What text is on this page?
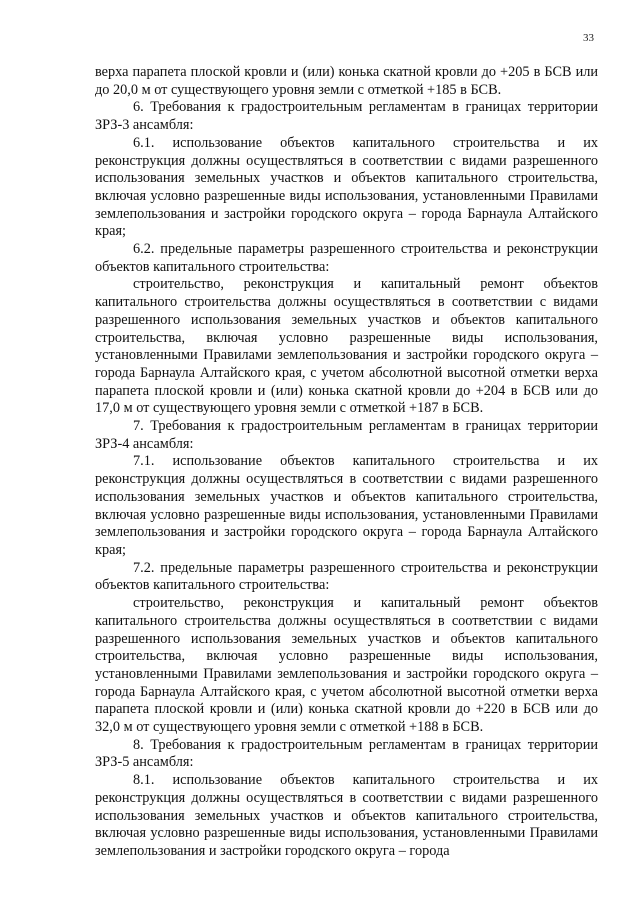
33

верха парапета плоской кровли и (или) конька скатной кровли до +205 в БСВ или до 20,0 м от существующего уровня земли с отметкой +185 в БСВ.

6. Требования к градостроительным регламентам в границах территории ЗРЗ-3 ансамбля:

6.1. использование объектов капитального строительства и их реконструкция должны осуществляться в соответствии с видами разрешенного использования земельных участков и объектов капитального строительства, включая условно разрешенные виды использования, установленными Правилами землепользования и застройки городского округа – города Барнаула Алтайского края;

6.2. предельные параметры разрешенного строительства и реконструкции объектов капитального строительства:

строительство, реконструкция и капитальный ремонт объектов капитального строительства должны осуществляться в соответствии с видами разрешенного использования земельных участков и объектов капитального строительства, включая условно разрешенные виды использования, установленными Правилами землепользования и застройки городского округа – города Барнаула Алтайского края, с учетом абсолютной высотной отметки верха парапета плоской кровли и (или) конька скатной кровли до +204 в БСВ или до 17,0 м от существующего уровня земли с отметкой +187 в БСВ.

7. Требования к градостроительным регламентам в границах территории ЗРЗ-4 ансамбля:

7.1. использование объектов капитального строительства и их реконструкция должны осуществляться в соответствии с видами разрешенного использования земельных участков и объектов капитального строительства, включая условно разрешенные виды использования, установленными Правилами землепользования и застройки городского округа – города Барнаула Алтайского края;

7.2. предельные параметры разрешенного строительства и реконструкции объектов капитального строительства:

строительство, реконструкция и капитальный ремонт объектов капитального строительства должны осуществляться в соответствии с видами разрешенного использования земельных участков и объектов капитального строительства, включая условно разрешенные виды использования, установленными Правилами землепользования и застройки городского округа – города Барнаула Алтайского края, с учетом абсолютной высотной отметки верха парапета плоской кровли и (или) конька скатной кровли до +220 в БСВ или до 32,0 м от существующего уровня земли с отметкой +188 в БСВ.

8. Требования к градостроительным регламентам в границах территории ЗРЗ-5 ансамбля:

8.1. использование объектов капитального строительства и их реконструкция должны осуществляться в соответствии с видами разрешенного использования земельных участков и объектов капитального строительства, включая условно разрешенные виды использования, установленными Правилами землепользования и застройки городского округа – города
